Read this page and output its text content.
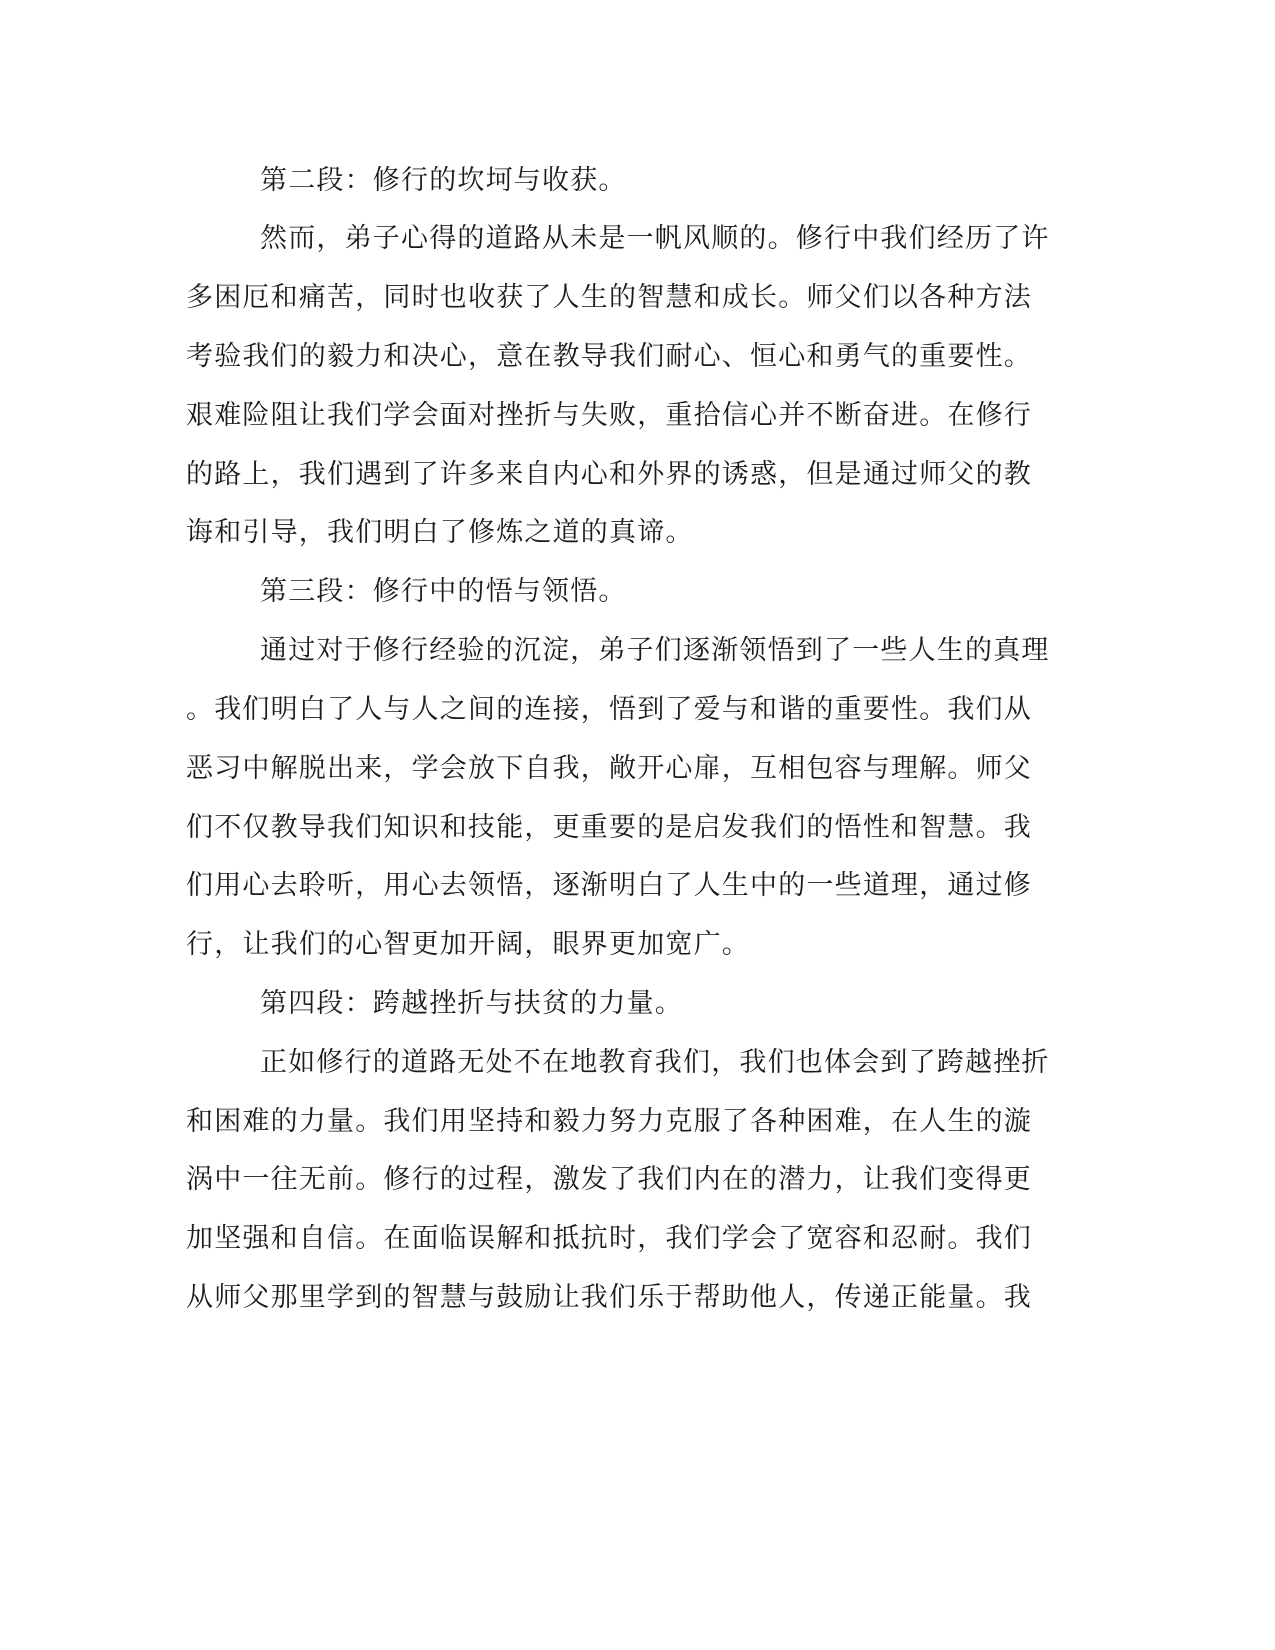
第二段：修行的坎坷与收获。
然而，弟子心得的道路从未是一帆风顺的。修行中我们经历了许
多困厄和痛苦，同时也收获了人生的智慧和成长。师父们以各种方法
考验我们的毅力和决心，意在教导我们耐心、恒心和勇气的重要性。
艰难险阻让我们学会面对挫折与失败，重拾信心并不断奋进。在修行
的路上，我们遇到了许多来自内心和外界的诱惑，但是通过师父的教
诲和引导，我们明白了修炼之道的真谛。
第三段：修行中的悟与领悟。
通过对于修行经验的沉淀，弟子们逐渐领悟到了一些人生的真理
。我们明白了人与人之间的连接，悟到了爱与和谐的重要性。我们从
恶习中解脱出来，学会放下自我，敞开心扉，互相包容与理解。师父
们不仅教导我们知识和技能，更重要的是启发我们的悟性和智慧。我
们用心去聆听，用心去领悟，逐渐明白了人生中的一些道理，通过修
行，让我们的心智更加开阔，眼界更加宽广。
第四段：跨越挫折与扶贫的力量。
正如修行的道路无处不在地教育我们，我们也体会到了跨越挫折
和困难的力量。我们用坚持和毅力努力克服了各种困难，在人生的漩
涡中一往无前。修行的过程，激发了我们内在的潜力，让我们变得更
加坚强和自信。在面临误解和抵抗时，我们学会了宽容和忍耐。我们
从师父那里学到的智慧与鼓励让我们乐于帮助他人，传递正能量。我
